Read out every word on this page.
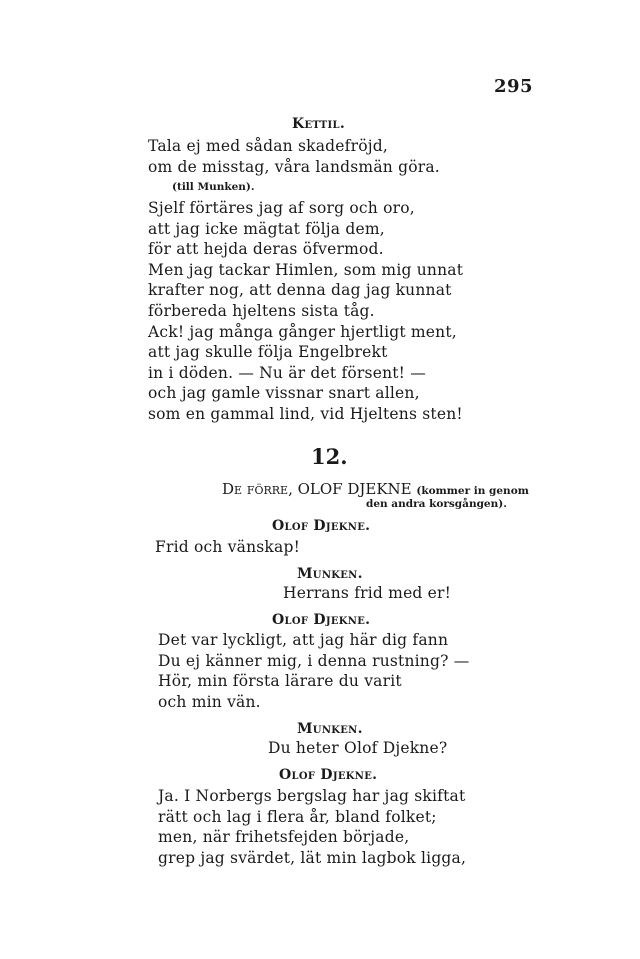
295
Kettil.
Tala ej med sådan skadefröjd,
om de misstag, våra landsmän göra.
(till Munken).
Sjelf förtäres jag af sorg och oro,
att jag icke mägtat följa dem,
för att hejda deras öfvermod.
Men jag tackar Himlen, som mig unnat
krafter nog, att denna dag jag kunnat
förbereda hjeltens sista tåg.
Ack! jag många gånger hjertligt ment,
att jag skulle följa Engelbrekt
in i döden. — Nu är det försent! —
och jag gamle vissnar snart allen,
som en gammal lind, vid Hjeltens sten!
12.
De förre, OLOF DJEKNE (kommer in genom
den andra korsgången).
Olof Djekne.
Frid och vänskap!
Munken.
Herrans frid med er!
Olof Djekne.
Det var lyckligt, att jag här dig fann
Du ej känner mig, i denna rustning? —
Hör, min första lärare du varit
och min vän.
Munken.
Du heter Olof Djekne?
Olof Djekne.
Ja. I Norbergs bergslag har jag skiftat
rätt och lag i flera år, bland folket;
men, när frihetsfejden började,
grep jag svärdet, lät min lagbok ligga,
